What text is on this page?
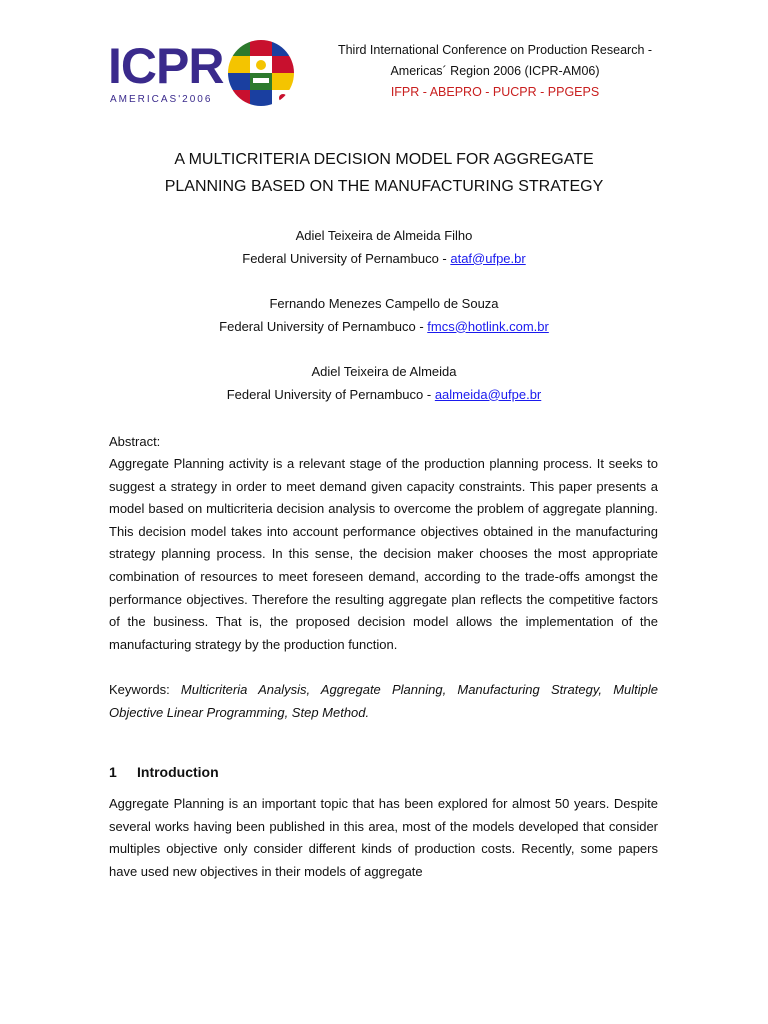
ICPR
AMERICAS'2006
Third International Conference on Production Research -
Americas´ Region 2006 (ICPR-AM06)
IFPR - ABEPRO - PUCPR - PPGEPS
A MULTICRITERIA DECISION MODEL FOR AGGREGATE
PLANNING BASED ON THE MANUFACTURING STRATEGY
Adiel Teixeira de Almeida Filho
Federal University of Pernambuco - ataf@ufpe.br
Fernando Menezes Campello de Souza
Federal University of Pernambuco - fmcs@hotlink.com.br
Adiel Teixeira de Almeida
Federal University of Pernambuco - aalmeida@ufpe.br
Abstract:
Aggregate Planning activity is a relevant stage of the production planning process. It seeks to suggest a strategy in order to meet demand given capacity constraints. This paper presents a model based on multicriteria decision analysis to overcome the problem of aggregate planning. This decision model takes into account performance objectives obtained in the manufacturing strategy planning process. In this sense, the decision maker chooses the most appropriate combination of resources to meet foreseen demand, according to the trade-offs amongst the performance objectives. Therefore the resulting aggregate plan reflects the competitive factors of the business. That is, the proposed decision model allows the implementation of the manufacturing strategy by the production function.
Keywords: Multicriteria Analysis, Aggregate Planning, Manufacturing Strategy, Multiple Objective Linear Programming, Step Method.
1 Introduction
Aggregate Planning is an important topic that has been explored for almost 50 years. Despite several works having been published in this area, most of the models developed that consider multiples objective only consider different kinds of production costs. Recently, some papers have used new objectives in their models of aggregate
